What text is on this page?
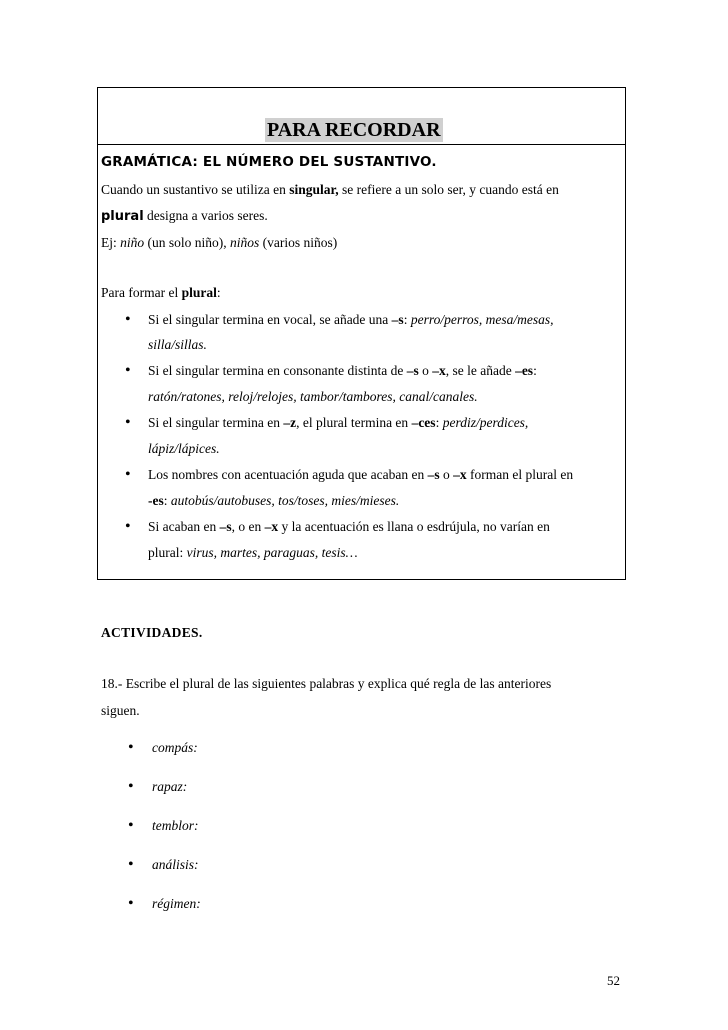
PARA RECORDAR
GRAMÁTICA: EL NÚMERO DEL SUSTANTIVO.
Cuando un sustantivo se utiliza en singular, se refiere a un solo ser, y cuando está en
plural designa a varios seres.
Ej: niño (un solo niño), niños (varios niños)
Para formar el plural:
• Si el singular termina en vocal, se añade una –s: perro/perros, mesa/mesas,
silla/sillas.
• Si el singular termina en consonante distinta de –s o –x, se le añade –es:
ratón/ratones, reloj/relojes, tambor/tambores, canal/canales.
• Si el singular termina en –z, el plural termina en –ces: perdiz/perdices,
lápiz/lápices.
• Los nombres con acentuación aguda que acaban en –s o –x forman el plural en
-es: autobús/autobuses, tos/toses, mies/mieses.
• Si acaban en –s, o en –x y la acentuación es llana o esdrújula, no varían en
plural: virus, martes, paraguas, tesis…
ACTIVIDADES.
18.- Escribe el plural de las siguientes palabras y explica qué regla de las anteriores
siguen.
• compás:
• rapaz:
• temblor:
• análisis:
• régimen:
52
